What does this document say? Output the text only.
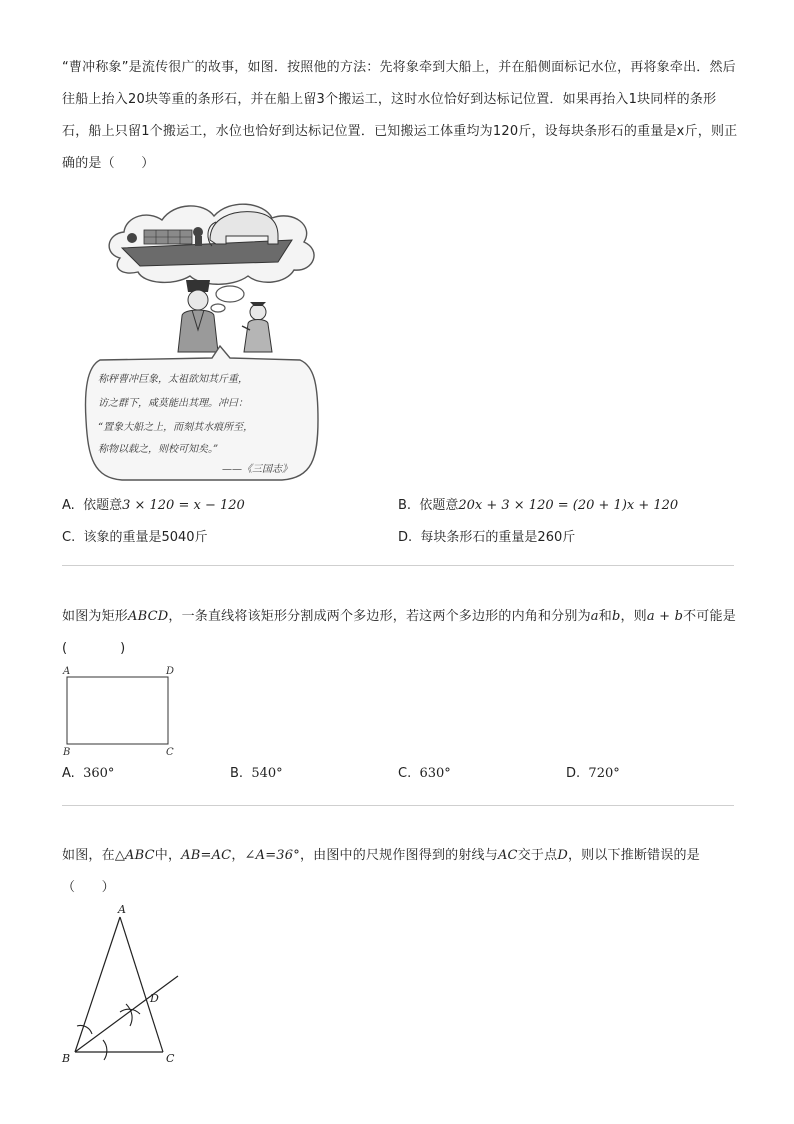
“曹冲称象”是流传很广的故事，如图．按照他的方法：先将象牵到大船上，并在船侧面标记水位，再将象牵出．然后往船上抬入20块等重的条形石，并在船上留3个搬运工，这时水位恰好到达标记位置．如果再抬入1块同样的条形石，船上只留1个搬运工，水位也恰好到达标记位置．已知搬运工体重均为120斤，设每块条形石的重量是x斤，则正确的是（　　）

称秤曹冲巨象，太祖欲知其斤重，
访之群下，咸莫能出其理。冲曰：
“置象大船之上，而刻其水痕所至，
称物以载之，则校可知矣。”
——《三国志》
A. 依题意3 × 120 = x − 120	B. 依题意20x + 3 × 120 = (20 + 1)x + 120
C. 该象的重量是5040斤	D. 每块条形石的重量是260斤

如图为矩形ABCD，一条直线将该矩形分割成两个多边形，若这两个多边形的内角和分别为a和b，则a + b不可能是(　　　　)

A	D
B	C
A. 360°	B. 540°	C. 630°	D. 720°

如图，在△ABC中，AB=AC，∠A=36°，由图中的尺规作图得到的射线与AC交于点D，则以下推断错误的是（　　）

A
B	C
D
